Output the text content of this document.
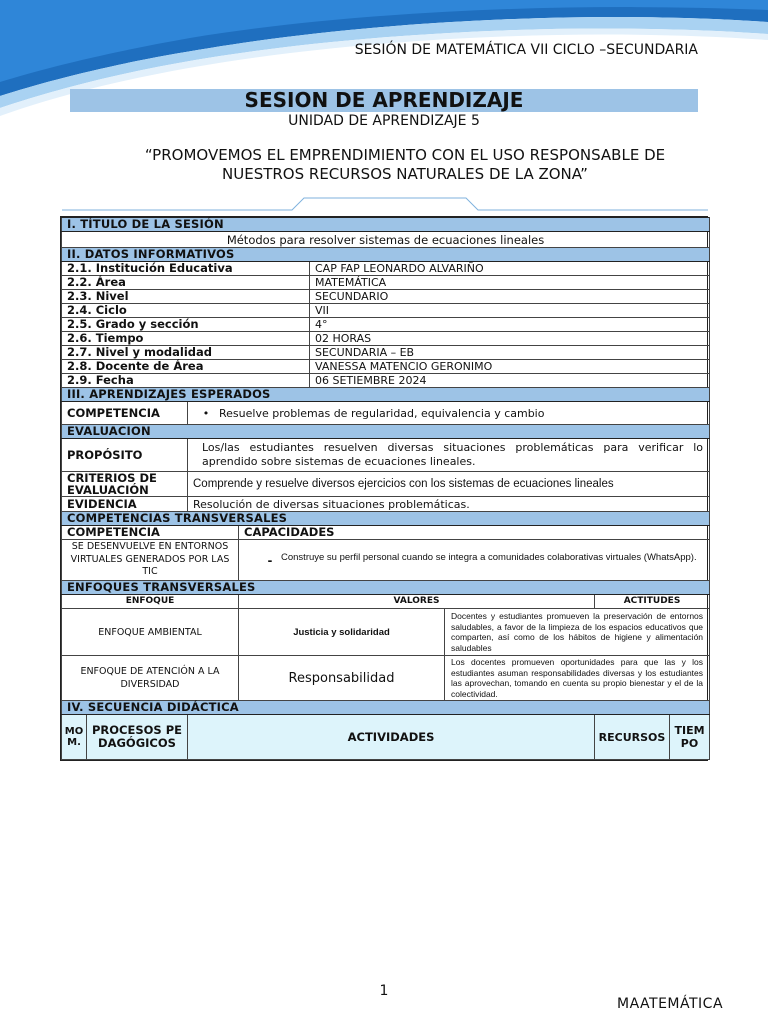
SESIÓN DE MATEMÁTICA VII CICLO –SECUNDARIA
SESION DE APRENDIZAJE
UNIDAD DE APRENDIZAJE 5
“PROMOVEMOS EL EMPRENDIMIENTO CON EL USO RESPONSABLE DE NUESTROS RECURSOS NATURALES DE LA ZONA”
I. TÍTULO DE LA SESIÓN							
Métodos para resolver sistemas de ecuaciones lineales							
II. DATOS INFORMATIVOS							
2.1. Institución Educativa				CAP FAP LEONARDO ALVARIÑO			
2.2. Área				MATEMÁTICA			
2.3. Nivel				SECUNDARIO			
2.4. Ciclo				VII			
2.5. Grado y sección				4°			
2.6. Tiempo				02 HORAS			
2.7. Nivel y modalidad				SECUNDARIA – EB			
2.8. Docente de Área				VANESSA MATENCIO GERONIMO			
2.9. Fecha				06 SETIEMBRE 2024			
III. APRENDIZAJES ESPERADOS							
COMPETENCIA		• Resuelve problemas de regularidad, equivalencia y cambio					
EVALUACION							
PROPÓSITO		Los/las estudiantes resuelven diversas situaciones problemáticas para verificar lo aprendido sobre sistemas de ecuaciones lineales.					
CRITERIOS DE EVALUACIÓN		Comprende y resuelve diversos ejercicios con los sistemas de ecuaciones lineales					
EVIDENCIA		Resolución de diversas situaciones problemáticas.					
COMPETENCIAS TRANSVERSALES							
COMPETENCIA			CAPACIDADES				
SE DESENVUELVE EN ENTORNOS VIRTUALES GENERADOS POR LAS TIC			- Construye su perfil personal cuando se integra a comunidades colaborativas virtuales (WhatsApp).				
ENFOQUES TRANSVERSALES							
ENFOQUE			VALORES			ACTITUDES	
ENFOQUE AMBIENTAL			Justicia y solidaridad		Docentes y estudiantes promueven la preservación de entornos saludables, a favor de la limpieza de los espacios educativos que comparten, así como de los hábitos de higiene y alimentación saludables		
ENFOQUE DE ATENCIÓN A LA DIVERSIDAD			Responsabilidad		Los docentes promueven oportunidades para que las y los estudiantes asuman responsabilidades diversas y los estudiantes las aprovechan, tomando en cuenta su propio bienestar y el de la colectividad.		
IV. SECUENCIA DIDÁCTICA							
MOM.	PROCESOS PEDAGÓGICOS	ACTIVIDADES				RECURSOS	TIEMPO
1
MAATEMÁTICA
